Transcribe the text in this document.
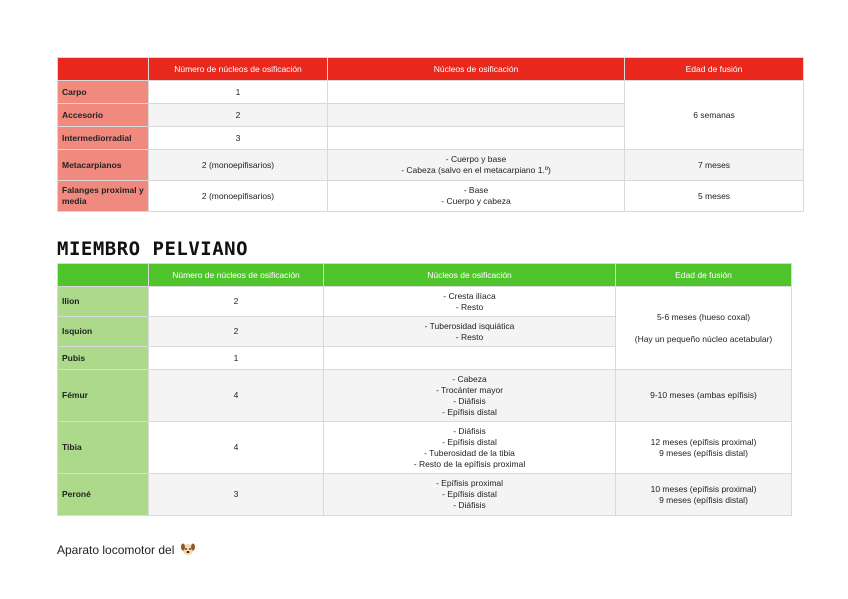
	Número de núcleos de osificación	Núcleos de osificación	Edad de fusión
Carpo	1		6 semanas
Accesorio	2		
Intermediorradial	3		
Metacarpianos	2 (monoepifisarios)	- Cuerpo y base
- Cabeza (salvo en el metacarpiano 1.º)	7 meses
Falanges proximal y media	2 (monoepifisarios)	- Base
- Cuerpo y cabeza	5 meses
MIEMBRO PELVIANO
	Número de núcleos de osificación	Núcleos de osificación	Edad de fusión
Ilion	2	- Cresta ilíaca
- Resto	5-6 meses (hueso coxal)

(Hay un pequeño núcleo acetabular)
Isquion	2	- Tuberosidad isquiática
- Resto	
Pubis	1		
Fémur	4	- Cabeza
- Trocánter mayor
- Diáfisis
- Epífisis distal	9-10 meses (ambas epífisis)
Tibia	4	- Diáfisis
- Epífisis distal
- Tuberosidad de la tibia
- Resto de la epífisis proximal	12 meses (epífisis proximal)
9 meses (epífisis distal)
Peroné	3	- Epífisis proximal
- Epífisis distal
- Diáfisis	10 meses (epífisis proximal)
9 meses (epífisis distal)
Aparato locomotor del
